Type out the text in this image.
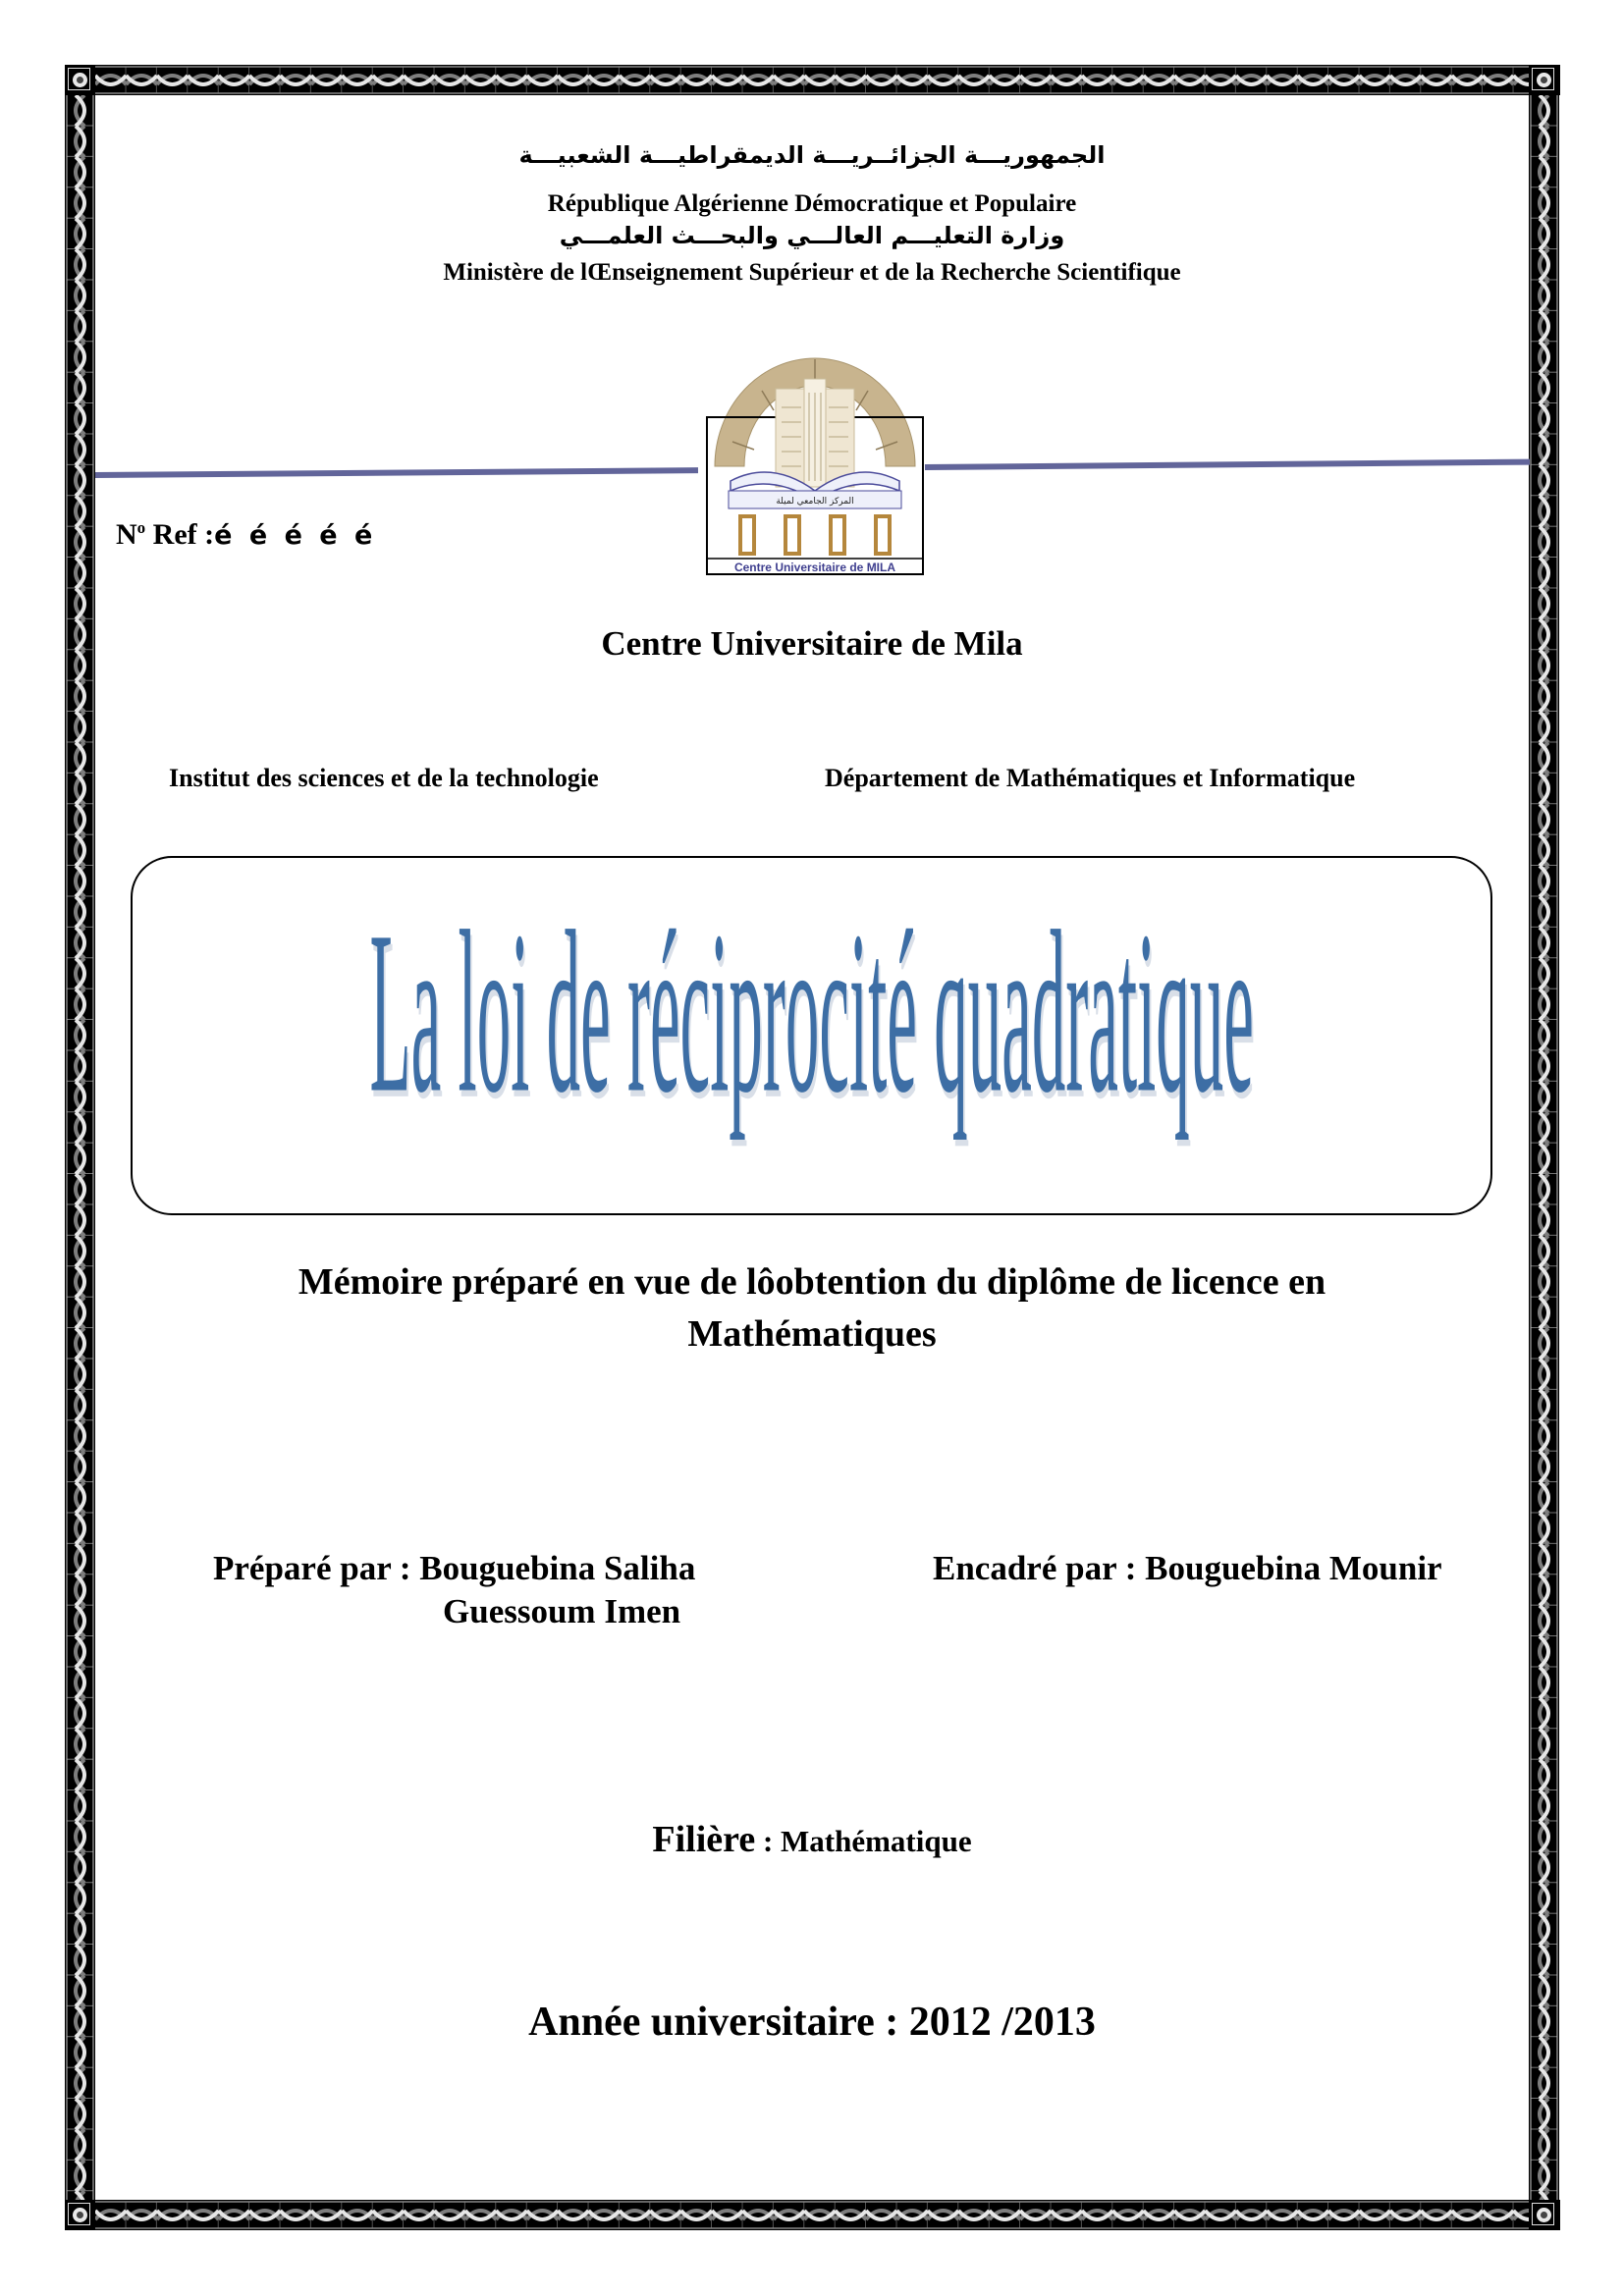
الجمهوريـــة الجزائــريـــة الديمقراطيـــة الشعبيـــة
République Algérienne Démocratique et Populaire
وزارة التعليـــم العالـــي والبحـــث العلمـــي
Ministère de lŒnseignement Supérieur et de la Recherche Scientifique
المركز الجامعي لميلة
Centre Universitaire de MILA
$N^o$ Ref :é é é é é
Centre Universitaire de Mila
Institut des sciences et de la technologie	Département de Mathématiques et Informatique
La loi de réciprocité quadratique
Mémoire préparé en vue de lôobtention du diplôme de licence en
Mathématiques
Préparé par : Bouguebina Saliha
Guessoum Imen
Encadré par : Bouguebina Mounir
Filière : Mathématique
Année universitaire : 2012 /2013
